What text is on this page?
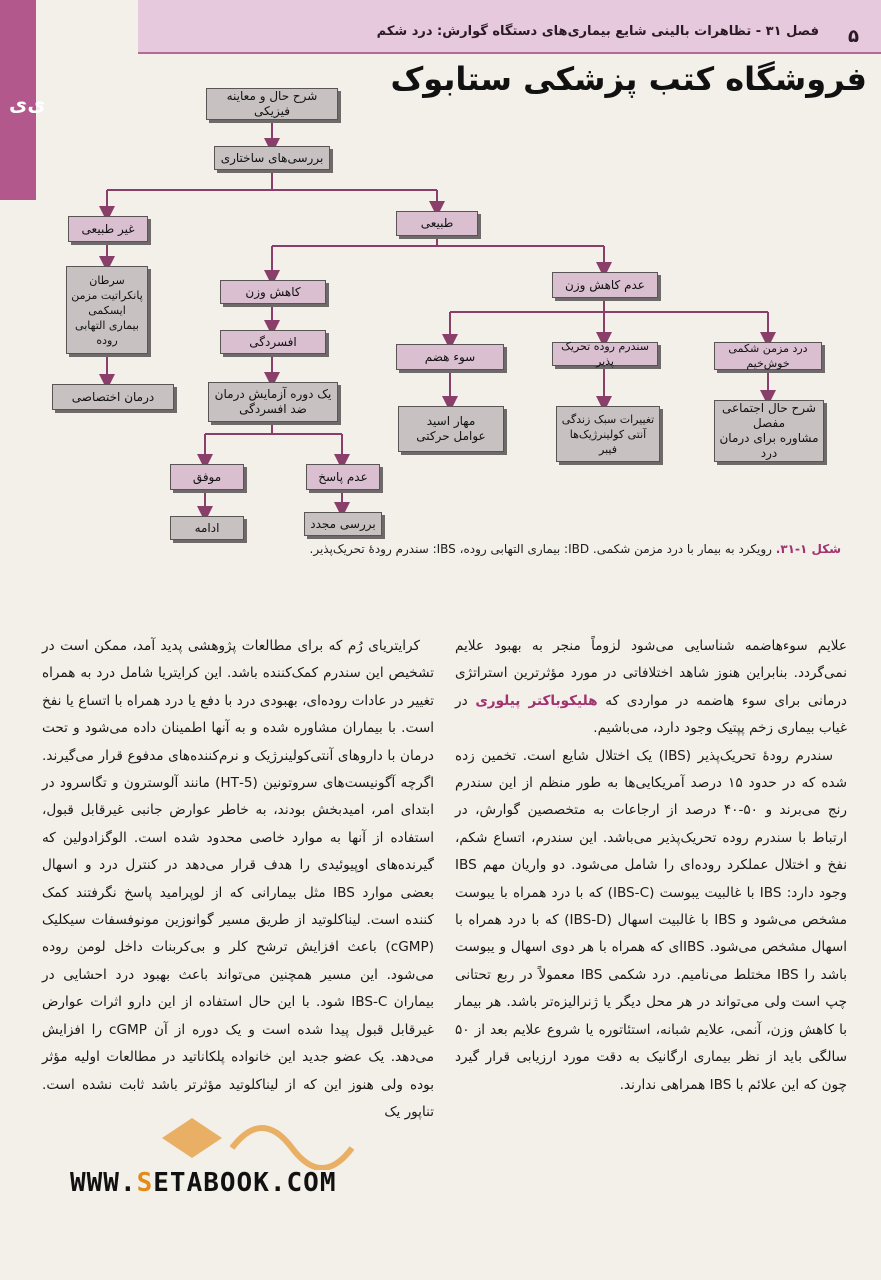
ی‌ی
فصل ۳۱ - تظاهرات بالینی شایع بیماری‌های دستگاه گوارش: درد شکم ۵
فروشگاه کتب پزشکی ستابوک
شرح حال و معاینه فیزیکی
بررسی‌های ساختاری
غیر طبیعی	طبیعی
سرطان
پانکراتیت مزمن
ایسکمی
بیماری التهابی روده
درمان اختصاصی
کاهش وزن	عدم کاهش وزن
افسردگی
یک دوره آزمایش درمان ضد افسردگی
موفق	عدم پاسخ
ادامه	بررسی مجدد
سوء هضم
سندرم روده تحریک پذیر
درد مزمن شکمی خوش‌خیم
مهار اسید
عوامل حرکتی
تغییرات سبک زندگی
آنتی کولینرژیک‌ها
فیبر
شرح حال اجتماعی مفصل
مشاوره برای درمان درد
شکل ۱-۳۱. رویکرد به بیمار با درد مزمن شکمی. IBD: بیماری التهابی روده، IBS: سندرم رودهٔ تحریک‌پذیر.

علایم سوءهاضمه شناسایی می‌شود لزوماً منجر به بهبود علایم نمی‌گردد. بنابراین هنوز شاهد اختلافاتی در مورد مؤثرترین استراتژی درمانی برای سوء هاضمه در مواردی که هلیکوباکتر پیلوری در غیاب بیماری زخم پپتیک وجود دارد، می‌باشیم.

سندرم رودهٔ تحریک‌پذیر (IBS) یک اختلال شایع است. تخمین زده شده که در حدود ۱۵ درصد آمریکایی‌ها به طور منظم از این سندرم رنج می‌برند و ۵۰-۴۰ درصد از ارجاعات به متخصصین گوارش، در ارتباط با سندرم روده تحریک‌پذیر می‌باشد. این سندرم، اتساع شکم، نفخ و اختلال عملکرد روده‌ای را شامل می‌شود. دو واریان مهم IBS وجود دارد: IBS با غالبیت یبوست (IBS-C) که با درد همراه با یبوست مشخص می‌شود و IBS با غالبیت اسهال (IBS-D) که با درد همراه با اسهال مشخص می‌شود. IBSای که همراه با هر دوی اسهال و یبوست باشد را IBS مختلط می‌نامیم. درد شکمی IBS معمولاً در ربع تحتانی چپ است ولی می‌تواند در هر محل دیگر یا ژنرالیزه‌تر باشد. هر بیمار با کاهش وزن، آنمی، علایم شبانه، استئاتوره یا شروع علایم بعد از ۵۰ سالگی باید از نظر بیماری ارگانیک به دقت مورد ارزیابی قرار گیرد چون که این علائم با IBS همراهی ندارند.

کرایتریای رُم که برای مطالعات پژوهشی پدید آمد، ممکن است در تشخیص این سندرم کمک‌کننده باشد. این کرایتریا شامل درد به همراه تغییر در عادات روده‌ای، بهبودی درد با دفع یا درد همراه با اتساع یا نفخ است. با بیماران مشاوره شده و به آنها اطمینان داده می‌شود و تحت درمان با داروهای آنتی‌کولینرژیک و نرم‌کننده‌های مدفوع قرار می‌گیرند. اگرچه آگونیست‌های سروتونین (5-HT) مانند آلوسترون و تگاسرود در ابتدای امر، امیدبخش بودند، به خاطر عوارض جانبی غیرقابل قبول، استفاده از آنها به موارد خاصی محدود شده است. الوگزادولین که گیرنده‌های اوپیوئیدی را هدف قرار می‌دهد در کنترل درد و اسهال بعضی موارد IBS مثل بیمارانی که از لوپرامید پاسخ نگرفتند کمک کننده است. لیناکلوتید از طریق مسیر گوانوزین مونوفسفات سیکلیک (cGMP) باعث افزایش ترشح کلر و بی‌کربنات داخل لومن روده می‌شود. این مسیر همچنین می‌تواند باعث بهبود درد احشایی در بیماران IBS-C شود. با این حال استفاده از این دارو اثرات عوارض غیرقابل قبول پیدا شده است و یک دوره از آن cGMP را افزایش می‌دهد. یک عضو جدید این خانواده پلکاناتید در مطالعات اولیه مؤثر بوده ولی هنوز این که از لیناکلوتید مؤثرتر باشد ثابت نشده است. تناپور یک

WWW.SETABOOK.COM
